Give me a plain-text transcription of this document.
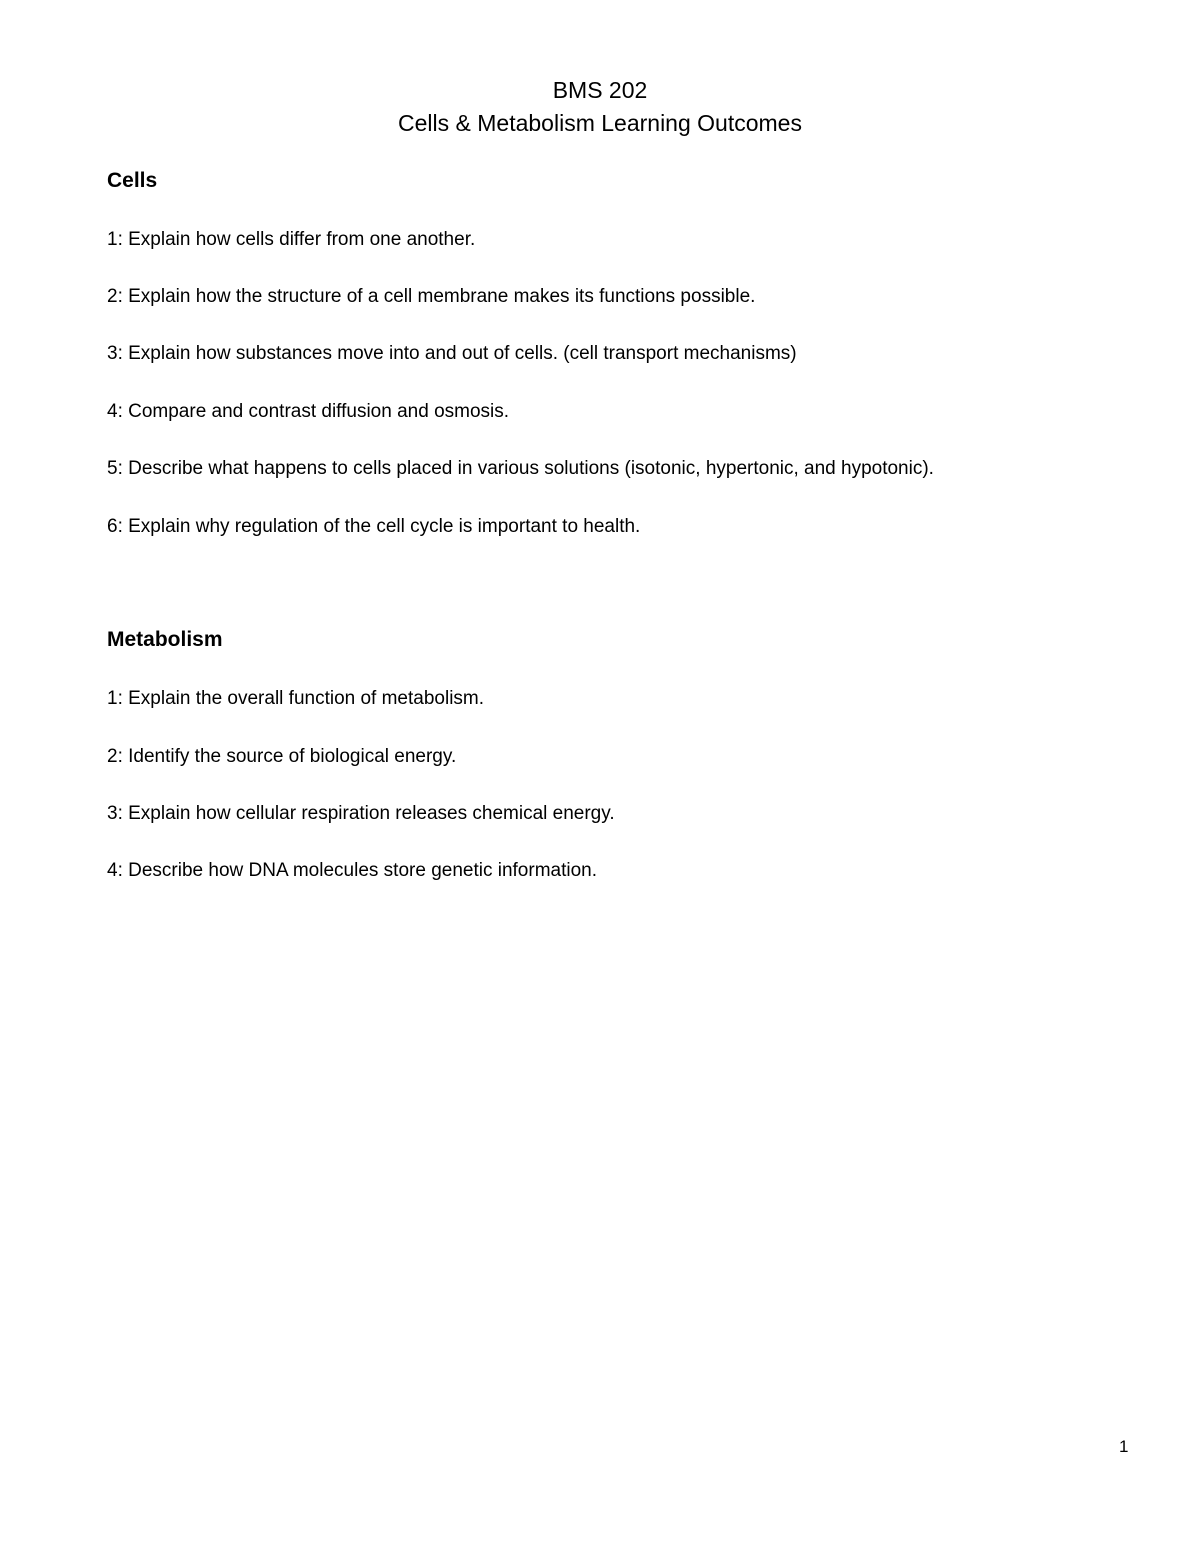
BMS 202
Cells & Metabolism Learning Outcomes
Cells
1: Explain how cells differ from one another.
2: Explain how the structure of a cell membrane makes its functions possible.
3: Explain how substances move into and out of cells. (cell transport mechanisms)
4: Compare and contrast diffusion and osmosis.
5: Describe what happens to cells placed in various solutions (isotonic, hypertonic, and hypotonic).
6: Explain why regulation of the cell cycle is important to health.
Metabolism
1: Explain the overall function of metabolism.
2: Identify the source of biological energy.
3: Explain how cellular respiration releases chemical energy.
4: Describe how DNA molecules store genetic information.
1
